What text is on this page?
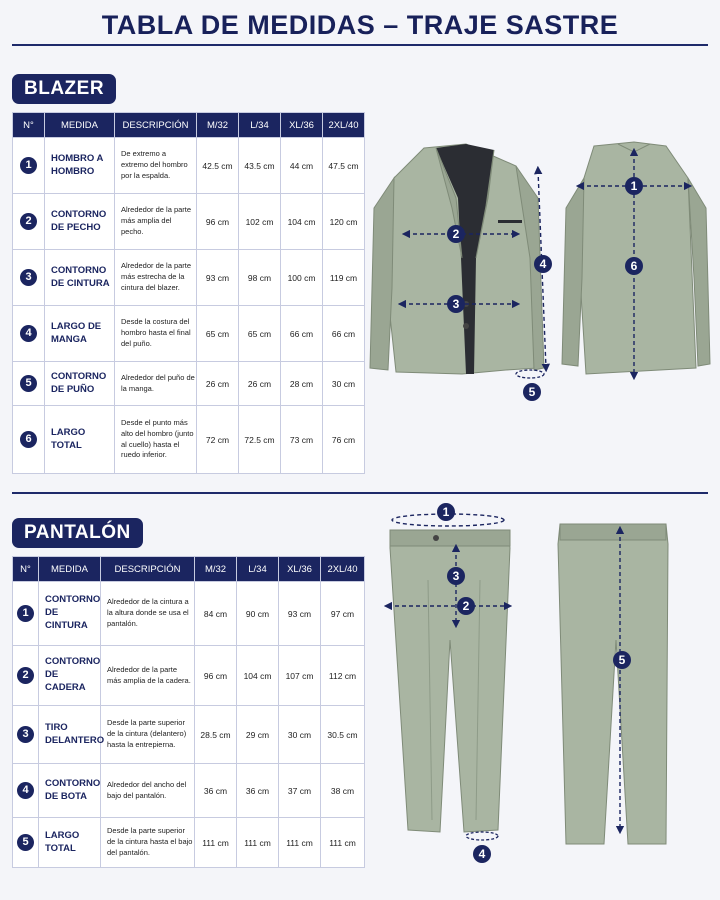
TABLA DE MEDIDAS – TRAJE SASTRE
BLAZER
N°	MEDIDA	DESCRIPCIÓN	M/32	L/34	XL/36	2XL/40
1	HOMBRO A HOMBRO	De extremo a extremo del hombro por la espalda.	42.5 cm	43.5 cm	44 cm	47.5 cm
2	CONTORNO DE PECHO	Alrededor de la parte más amplia del pecho.	96 cm	102 cm	104 cm	120 cm
3	CONTORNO DE CINTURA	Alrededor de la parte más estrecha de la cintura del blazer.	93 cm	98 cm	100 cm	119 cm
4	LARGO DE MANGA	Desde la costura del hombro hasta el final del puño.	65 cm	65 cm	66 cm	66 cm
5	CONTORNO DE PUÑO	Alrededor del puño de la manga.	26 cm	26 cm	28 cm	30 cm
6	LARGO TOTAL	Desde el punto más alto del hombro (junto al cuello) hasta el ruedo inferior.	72 cm	72.5 cm	73 cm	76 cm
2
3
4
5
1
6
PANTALÓN
N°	MEDIDA	DESCRIPCIÓN	M/32	L/34	XL/36	2XL/40
1	CONTORNO DE CINTURA	Alrededor de la cintura a la altura donde se usa el pantalón.	84 cm	90 cm	93 cm	97 cm
2	CONTORNO DE CADERA	Alrededor de la parte más amplia de la cadera.	96 cm	104 cm	107 cm	112 cm
3	TIRO DELANTERO	Desde la parte superior de la cintura (delantero) hasta la entrepierna.	28.5 cm	29 cm	30 cm	30.5 cm
4	CONTORNO DE BOTA	Alrededor del ancho del bajo del pantalón.	36 cm	36 cm	37 cm	38 cm
5	LARGO TOTAL	Desde la parte superior de la cintura hasta el bajo del pantalón.	111 cm	111 cm	111 cm	111 cm
1
2
3
4
5
